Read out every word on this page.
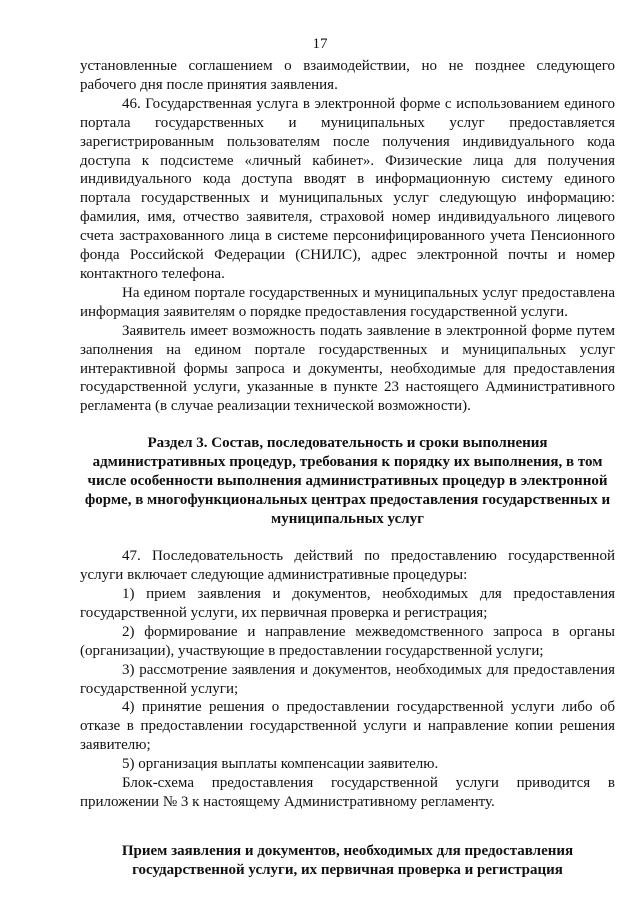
17

установленные соглашением о взаимодействии, но не позднее следующего рабочего дня после принятия заявления.

46. Государственная услуга в электронной форме с использованием единого портала государственных и муниципальных услуг предоставляется зарегистрированным пользователям после получения индивидуального кода доступа к подсистеме «личный кабинет». Физические лица для получения индивидуального кода доступа вводят в информационную систему единого портала государственных и муниципальных услуг следующую информацию: фамилия, имя, отчество заявителя, страховой номер индивидуального лицевого счета застрахованного лица в системе персонифицированного учета Пенсионного фонда Российской Федерации (СНИЛС), адрес электронной почты и номер контактного телефона.

На едином портале государственных и муниципальных услуг предоставлена информация заявителям о порядке предоставления государственной услуги.

Заявитель имеет возможность подать заявление в электронной форме путем заполнения на едином портале государственных и муниципальных услуг интерактивной формы запроса и документы, необходимые для предоставления государственной услуги, указанные в пункте 23 настоящего Административного регламента (в случае реализации технической возможности).

Раздел 3. Состав, последовательность и сроки выполнения административных процедур, требования к порядку их выполнения, в том числе особенности выполнения административных процедур в электронной форме, в многофункциональных центрах предоставления государственных и муниципальных услуг

47. Последовательность действий по предоставлению государственной услуги включает следующие административные процедуры:

1) прием заявления и документов, необходимых для предоставления государственной услуги, их первичная проверка и регистрация;

2) формирование и направление межведомственного запроса в органы (организации), участвующие в предоставлении государственной услуги;

3) рассмотрение заявления и документов, необходимых для предоставления государственной услуги;

4) принятие решения о предоставлении государственной услуги либо об отказе в предоставлении государственной услуги и направление копии решения заявителю;

5) организация выплаты компенсации заявителю.

Блок-схема предоставления государственной услуги приводится в приложении № 3 к настоящему Административному регламенту.

Прием заявления и документов, необходимых для предоставления государственной услуги, их первичная проверка и регистрация
